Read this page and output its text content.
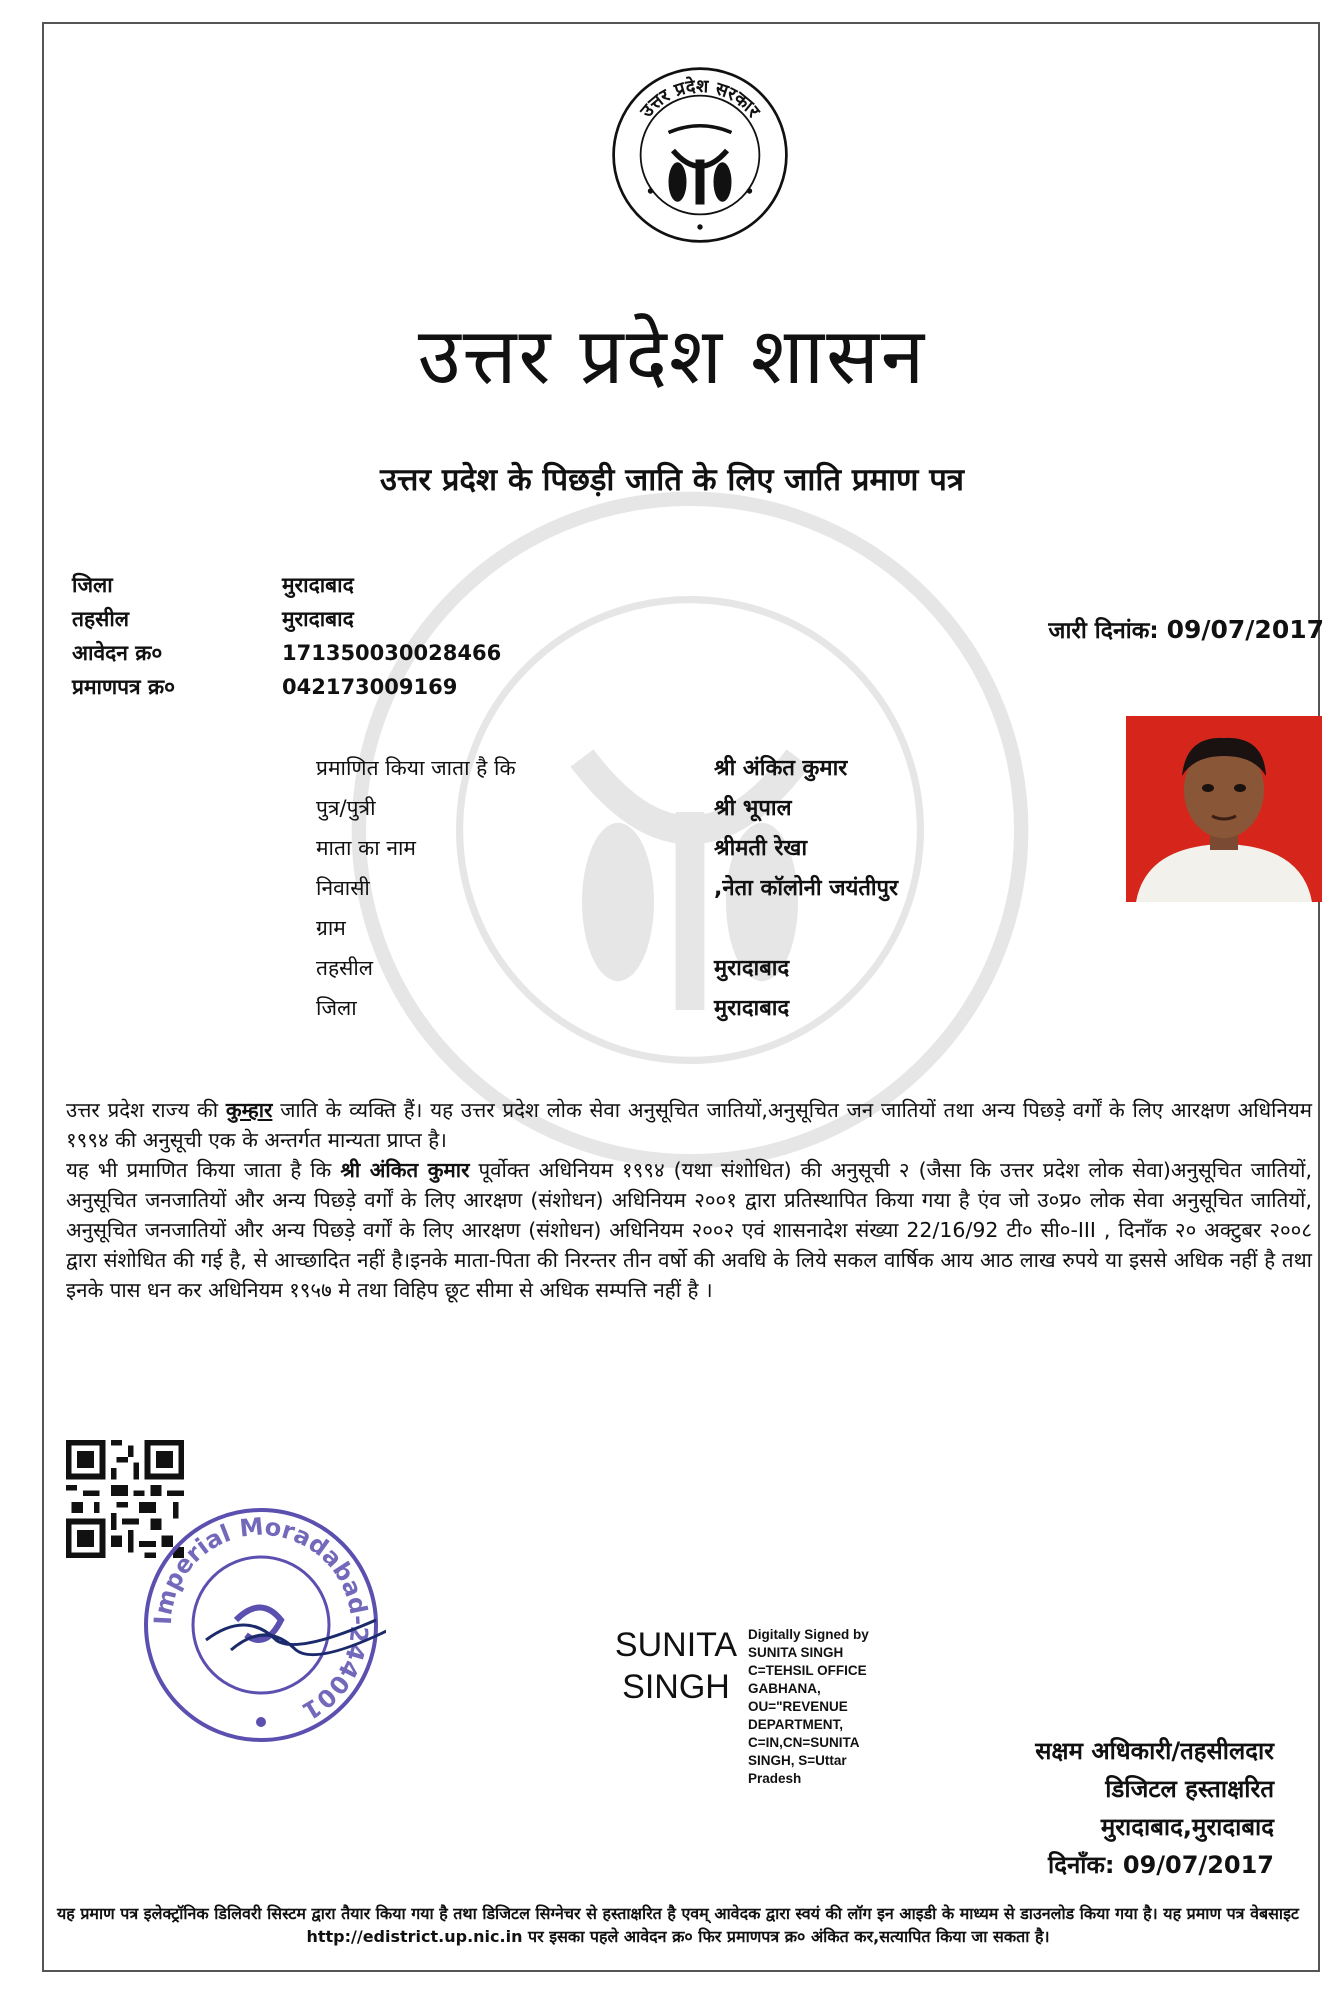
उत्तर प्रदेश सरकार
उत्तर प्रदेश शासन
उत्तर प्रदेश के पिछड़ी जाति के लिए जाति प्रमाण पत्र
जिला	मुरादाबाद
तहसील	मुरादाबाद
आवेदन क्र०	171350030028466
प्रमाणपत्र क्र०	042173009169
जारी दिनांक: 09/07/2017
प्रमाणित किया जाता है कि	श्री अंकित कुमार
पुत्र/पुत्री	श्री भूपाल
माता का नाम	श्रीमती रेखा
निवासी	,नेता कॉलोनी जयंतीपुर
ग्राम
तहसील	मुरादाबाद
जिला	मुरादाबाद

उत्तर प्रदेश राज्य की कुम्हार जाति के व्यक्ति हैं। यह उत्तर प्रदेश लोक सेवा अनुसूचित जातियों,अनुसूचित जन जातियों तथा अन्य पिछड़े वर्गों के लिए आरक्षण अधिनियम १९९४ की अनुसूची एक के अन्तर्गत मान्यता प्राप्त है।

यह भी प्रमाणित किया जाता है कि श्री अंकित कुमार पूर्वोक्त अधिनियम १९९४ (यथा संशोधित) की अनुसूची २ (जैसा कि उत्तर प्रदेश लोक सेवा)अनुसूचित जातियों, अनुसूचित जनजातियों और अन्य पिछड़े वर्गों के लिए आरक्षण (संशोधन) अधिनियम २००१ द्वारा प्रतिस्थापित किया गया है एंव जो उ०प्र० लोक सेवा अनुसूचित जातियों, अनुसूचित जनजातियों और अन्य पिछड़े वर्गों के लिए आरक्षण (संशोधन) अधिनियम २००२ एवं शासनादेश संख्या 22/16/92 टी० सी०-III , दिनाँक २० अक्टुबर २००८ द्वारा संशोधित की गई है, से आच्छादित नहीं है।इनके माता-पिता की निरन्तर तीन वर्षो की अवधि के लिये सकल वार्षिक आय आठ लाख रुपये या इससे अधिक नहीं है तथा इनके पास धन कर अधिनियम १९५७ मे तथा विहिप छूट सीमा से अधिक सम्पत्ति नहीं है ।

Imperial Moradabad-244001
SUNITA
SINGH
Digitally Signed by
SUNITA SINGH
C=TEHSIL OFFICE
GABHANA,
OU="REVENUE
DEPARTMENT,
C=IN,CN=SUNITA
SINGH, S=Uttar
Pradesh
सक्षम अधिकारी/तहसीलदार
डिजिटल हस्ताक्षरित
मुरादाबाद,मुरादाबाद
दिनाँक: 09/07/2017
यह प्रमाण पत्र इलेक्ट्रॉनिक डिलिवरी सिस्टम द्वारा तैयार किया गया है तथा डिजिटल सिग्नेचर से हस्ताक्षरित है एवम् आवेदक द्वारा स्वयं की लॉग इन आइडी के माध्यम से डाउनलोड किया गया है। यह प्रमाण पत्र वेबसाइट http://edistrict.up.nic.in पर इसका पहले आवेदन क्र० फिर प्रमाणपत्र क्र० अंकित कर,सत्यापित किया जा सकता है।
